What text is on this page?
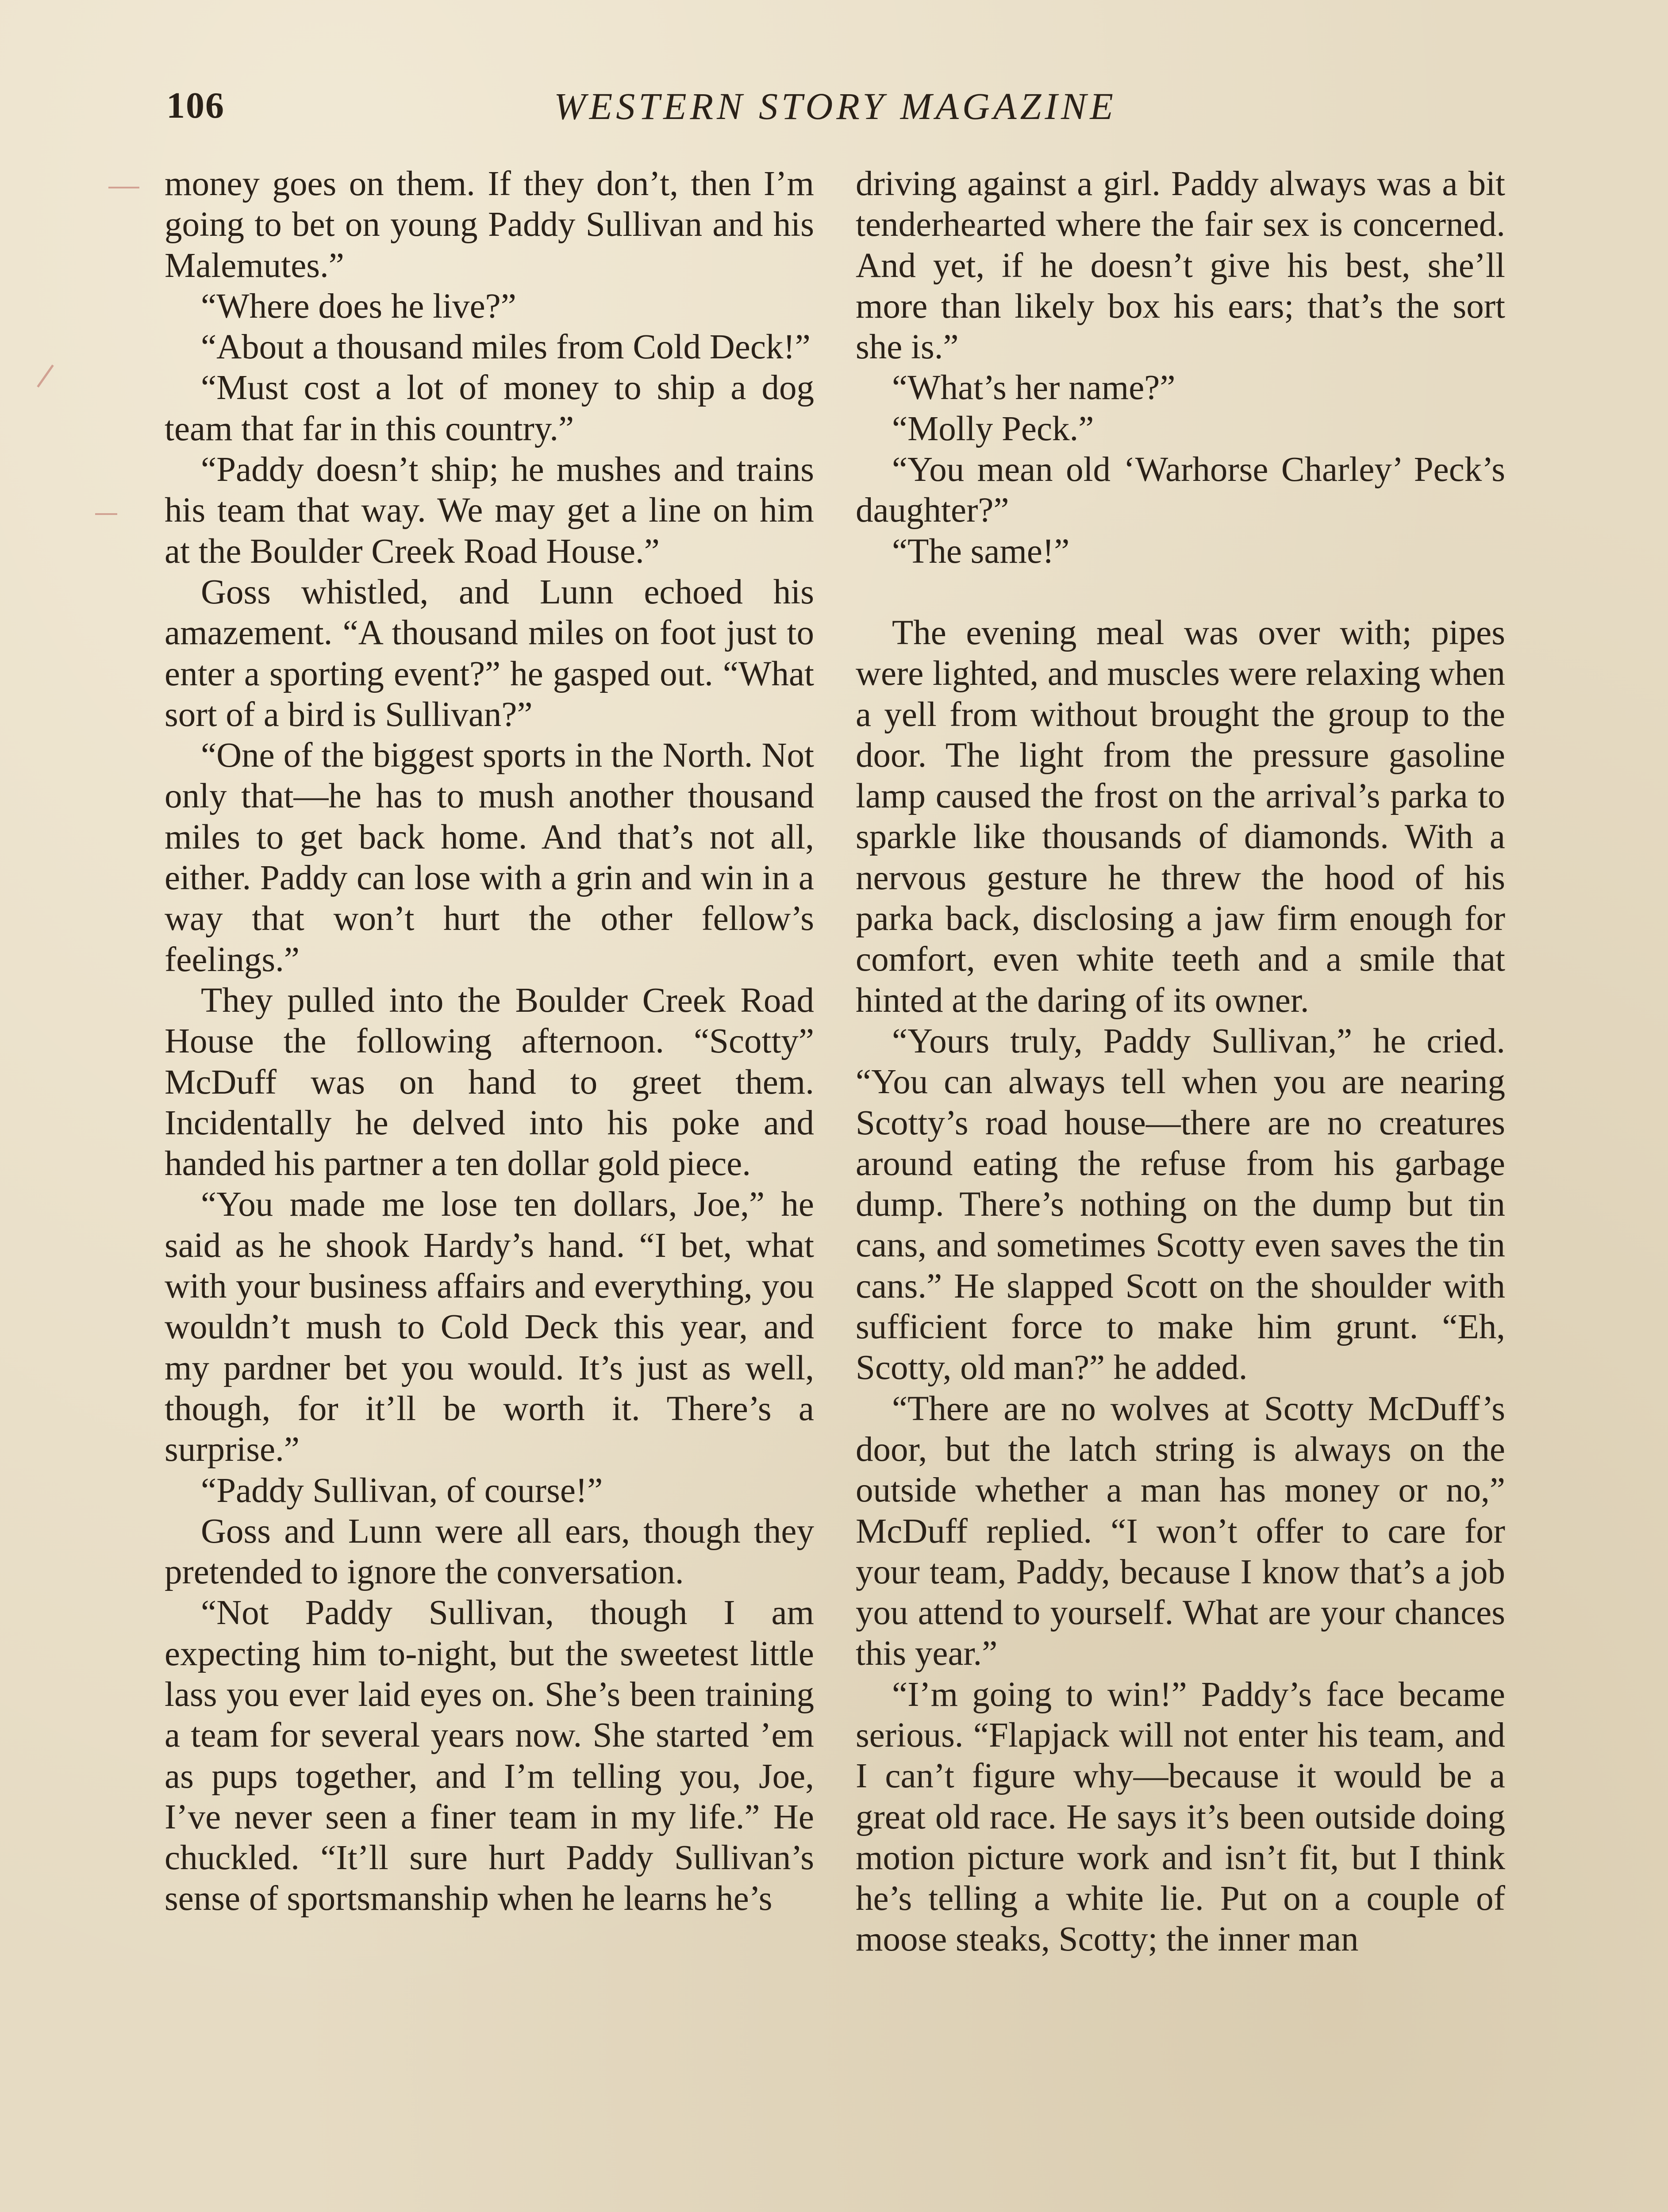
106	WESTERN STORY MAGAZINE

money goes on them. If they don’t, then I’m going to bet on young Paddy Sullivan and his Malemutes.”

“Where does he live?”

“About a thousand miles from Cold Deck!”

“Must cost a lot of money to ship a dog team that far in this country.”

“Paddy doesn’t ship; he mushes and trains his team that way. We may get a line on him at the Boulder Creek Road House.”

Goss whistled, and Lunn echoed his amazement. “A thousand miles on foot just to enter a sporting event?” he gasped out. “What sort of a bird is Sullivan?”

“One of the biggest sports in the North. Not only that—he has to mush another thousand miles to get back home. And that’s not all, either. Paddy can lose with a grin and win in a way that won’t hurt the other fellow’s feelings.”

They pulled into the Boulder Creek Road House the following afternoon. “Scotty” McDuff was on hand to greet them. Incidentally he delved into his poke and handed his partner a ten dollar gold piece.

“You made me lose ten dollars, Joe,” he said as he shook Hardy’s hand. “I bet, what with your business affairs and everything, you wouldn’t mush to Cold Deck this year, and my pardner bet you would. It’s just as well, though, for it’ll be worth it. There’s a surprise.”

“Paddy Sullivan, of course!”

Goss and Lunn were all ears, though they pretended to ignore the conversation.

“Not Paddy Sullivan, though I am expecting him to-night, but the sweetest little lass you ever laid eyes on. She’s been training a team for several years now. She started ’em as pups together, and I’m telling you, Joe, I’ve never seen a finer team in my life.” He chuckled. “It’ll sure hurt Paddy Sullivan’s sense of sportsmanship when he learns he’s

driving against a girl. Paddy always was a bit tenderhearted where the fair sex is concerned. And yet, if he doesn’t give his best, she’ll more than likely box his ears; that’s the sort she is.”

“What’s her name?”

“Molly Peck.”

“You mean old ‘Warhorse Charley’ Peck’s daughter?”

“The same!”

The evening meal was over with; pipes were lighted, and muscles were relaxing when a yell from without brought the group to the door. The light from the pressure gasoline lamp caused the frost on the arrival’s parka to sparkle like thousands of diamonds. With a nervous gesture he threw the hood of his parka back, disclosing a jaw firm enough for comfort, even white teeth and a smile that hinted at the daring of its owner.

“Yours truly, Paddy Sullivan,” he cried. “You can always tell when you are nearing Scotty’s road house—there are no creatures around eating the refuse from his garbage dump. There’s nothing on the dump but tin cans, and sometimes Scotty even saves the tin cans.” He slapped Scott on the shoulder with sufficient force to make him grunt. “Eh, Scotty, old man?” he added.

“There are no wolves at Scotty McDuff’s door, but the latch string is always on the outside whether a man has money or no,” McDuff replied. “I won’t offer to care for your team, Paddy, because I know that’s a job you attend to yourself. What are your chances this year.”

“I’m going to win!” Paddy’s face became serious. “Flapjack will not enter his team, and I can’t figure why—because it would be a great old race. He says it’s been outside doing motion picture work and isn’t fit, but I think he’s telling a white lie. Put on a couple of moose steaks, Scotty; the inner man
